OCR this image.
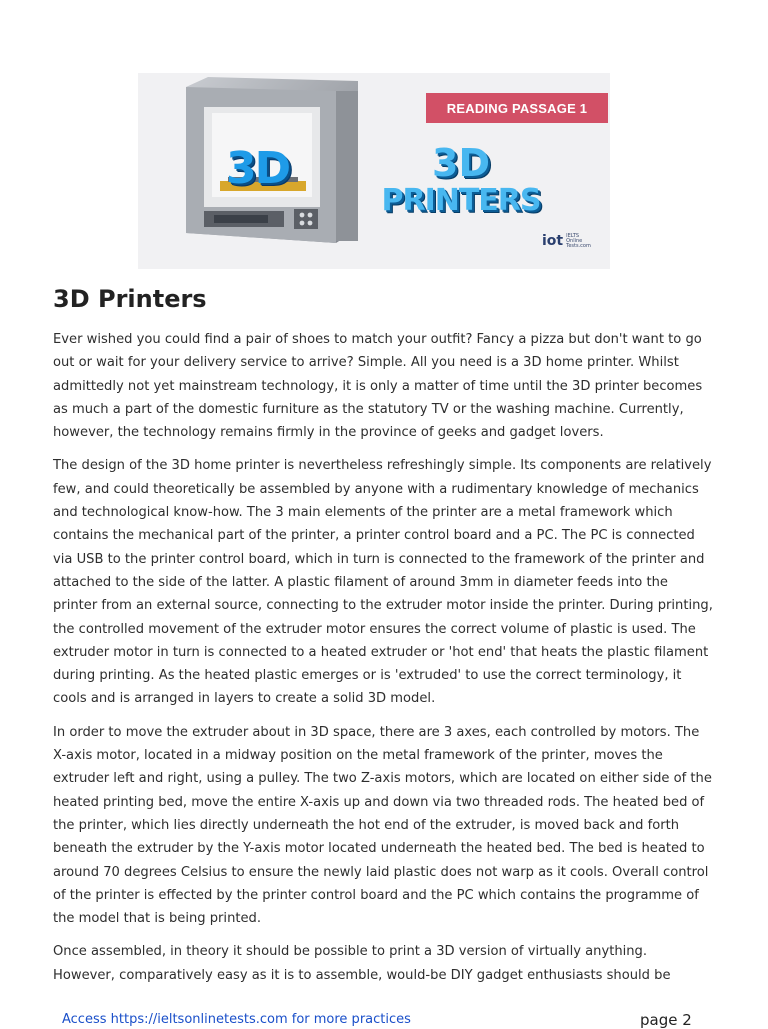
3D
READING PASSAGE 1
3D
PRINTERS
iot IELTS
Online
Tests.com
3D Printers

Ever wished you could find a pair of shoes to match your outfit? Fancy a pizza but don't want to go out or wait for your delivery service to arrive? Simple. All you need is a 3D home printer. Whilst admittedly not yet mainstream technology, it is only a matter of time until the 3D printer becomes as much a part of the domestic furniture as the statutory TV or the washing machine. Currently, however, the technology remains firmly in the province of geeks and gadget lovers.

The design of the 3D home printer is nevertheless refreshingly simple. Its components are relatively few, and could theoretically be assembled by anyone with a rudimentary knowledge of mechanics and technological know-how. The 3 main elements of the printer are a metal framework which contains the mechanical part of the printer, a printer control board and a PC. The PC is connected via USB to the printer control board, which in turn is connected to the framework of the printer and attached to the side of the latter. A plastic filament of around 3mm in diameter feeds into the printer from an external source, connecting to the extruder motor inside the printer. During printing, the controlled movement of the extruder motor ensures the correct volume of plastic is used. The extruder motor in turn is connected to a heated extruder or 'hot end' that heats the plastic filament during printing. As the heated plastic emerges or is 'extruded' to use the correct terminology, it cools and is arranged in layers to create a solid 3D model.

In order to move the extruder about in 3D space, there are 3 axes, each controlled by motors. The X-axis motor, located in a midway position on the metal framework of the printer, moves the extruder left and right, using a pulley. The two Z-axis motors, which are located on either side of the heated printing bed, move the entire X-axis up and down via two threaded rods. The heated bed of the printer, which lies directly underneath the hot end of the extruder, is moved back and forth beneath the extruder by the Y-axis motor located underneath the heated bed. The bed is heated to around 70 degrees Celsius to ensure the newly laid plastic does not warp as it cools. Overall control of the printer is effected by the printer control board and the PC which contains the programme of the model that is being printed.

Once assembled, in theory it should be possible to print a 3D version of virtually anything. However, comparatively easy as it is to assemble, would-be DIY gadget enthusiasts should be

Access https://ieltsonlinetests.com for more practices	page 2
